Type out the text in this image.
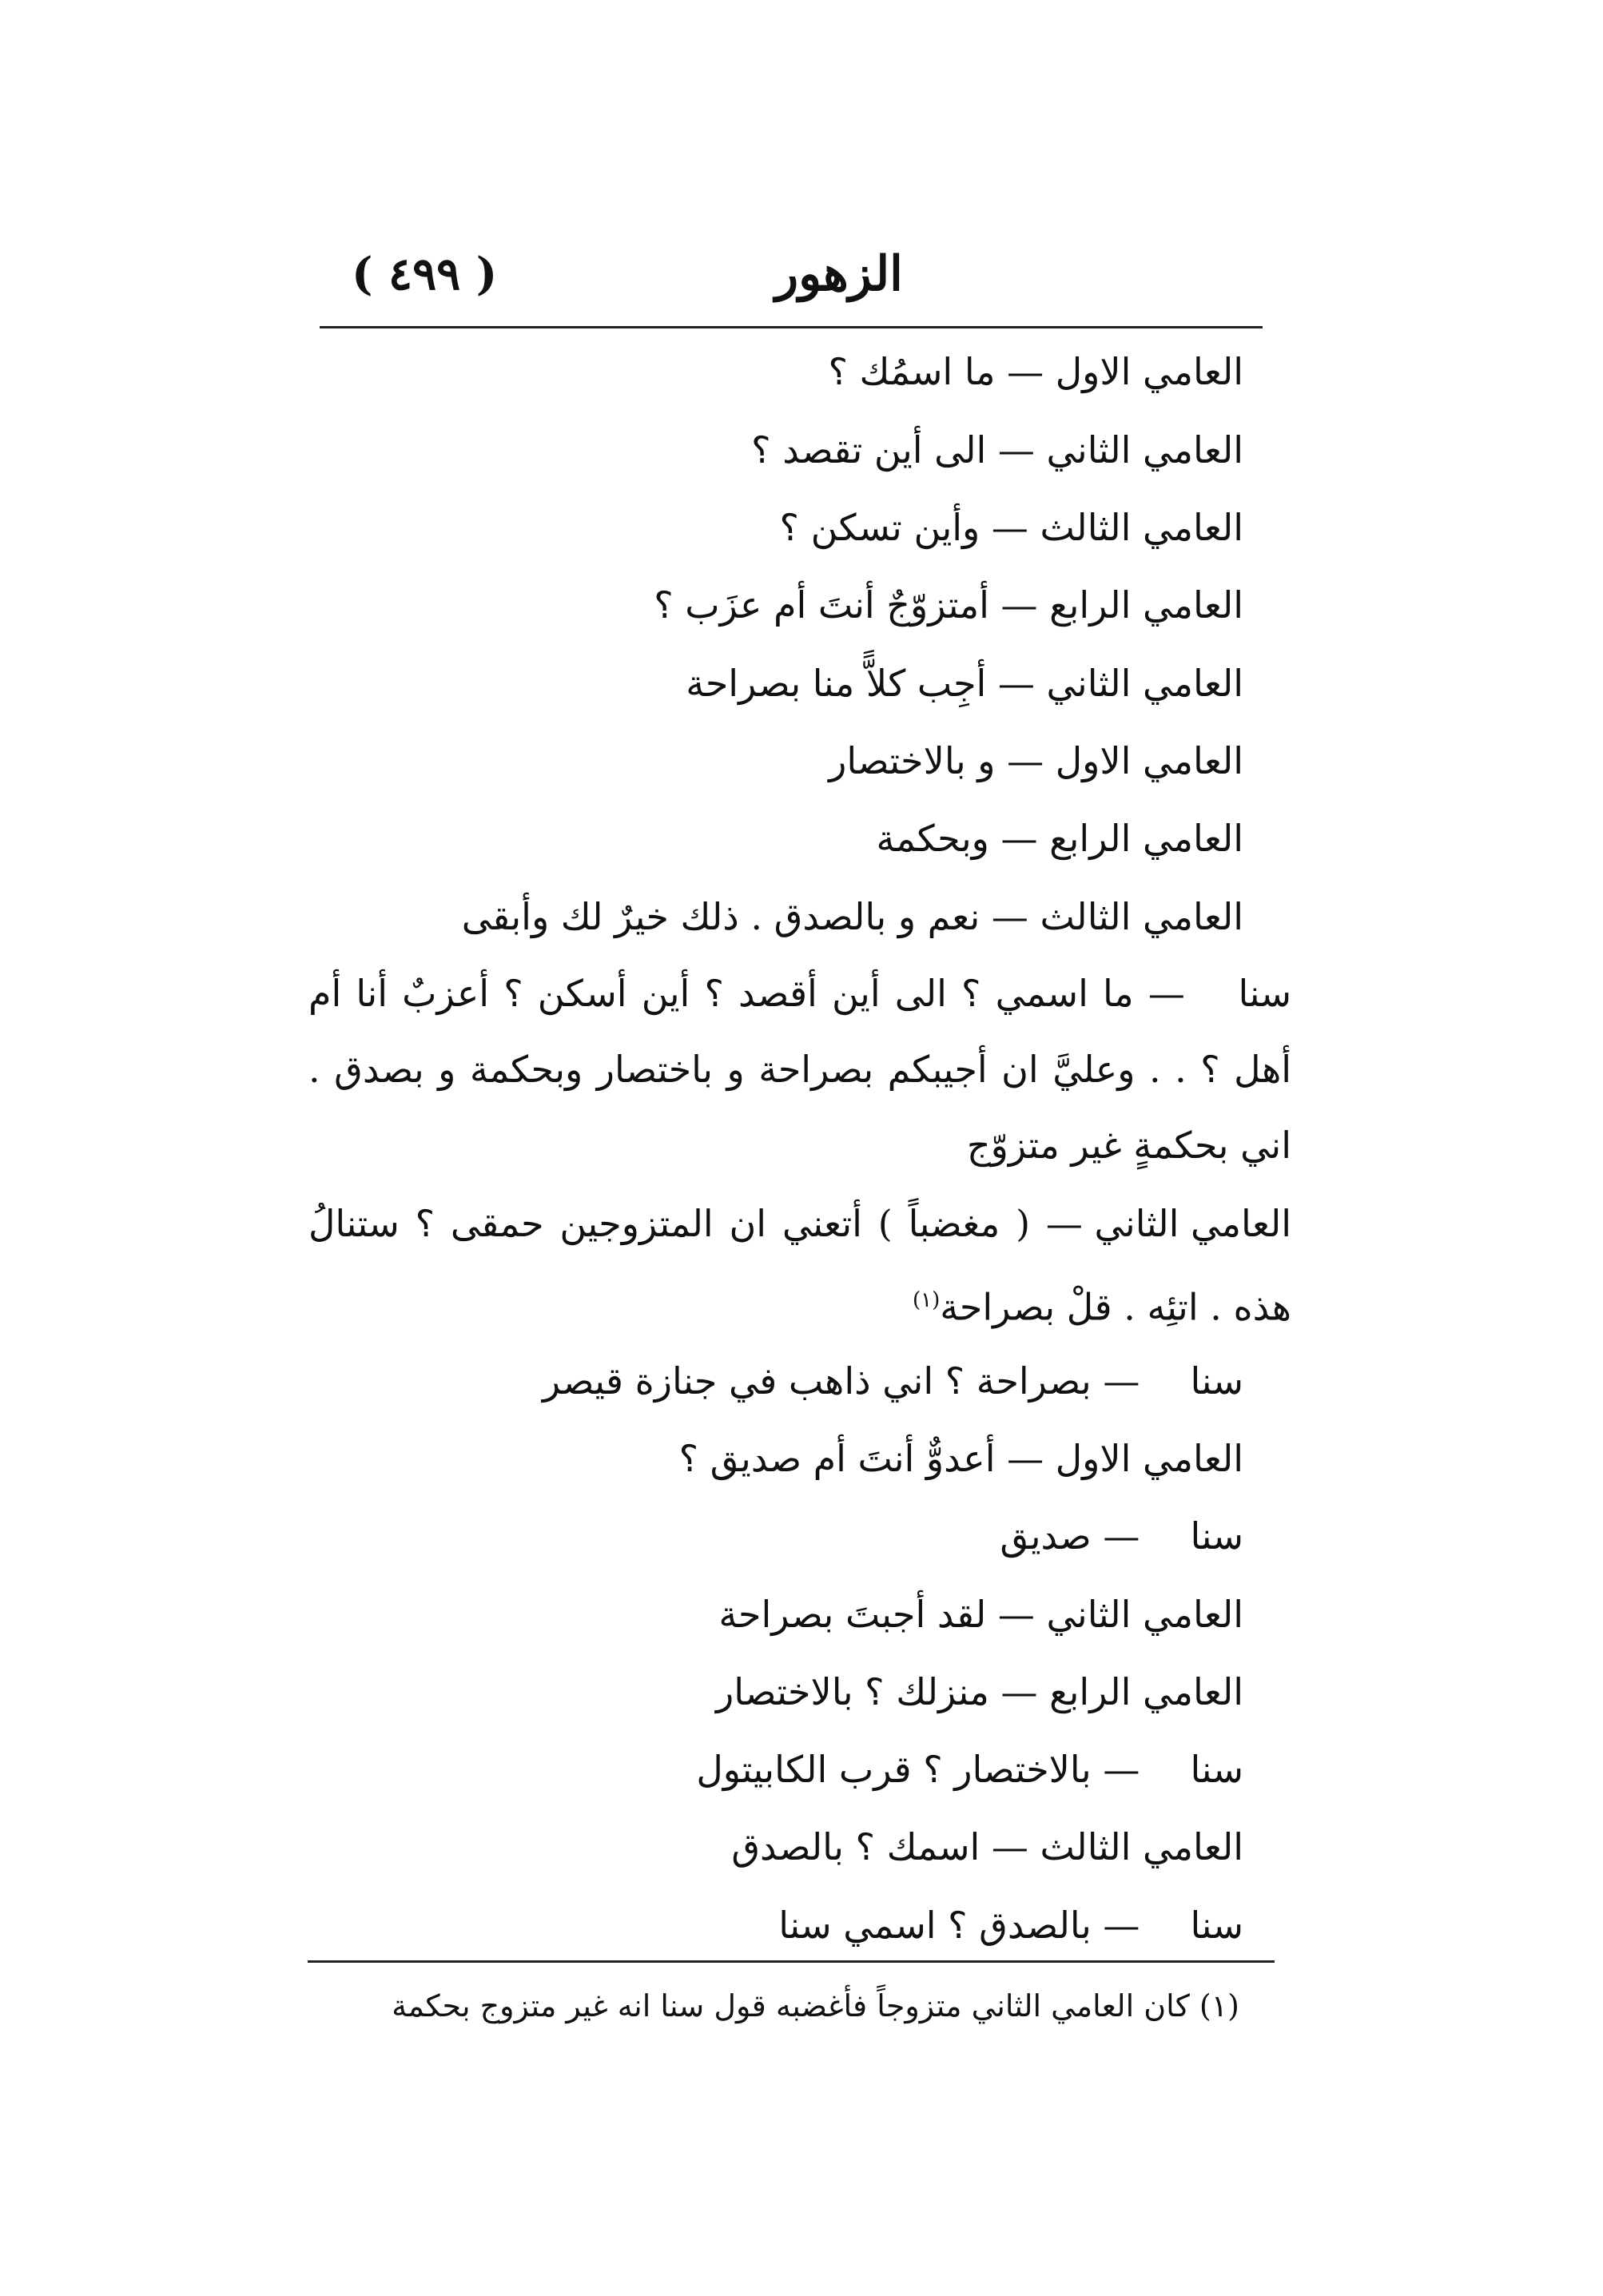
( ٤٩٩ )	الزهور
العامي الاول — ما اسمُك ؟
العامي الثاني — الى أين تقصد ؟
العامي الثالث — وأين تسكن ؟
العامي الرابع — أمتزوّجٌ أنتَ أم عزَب ؟
العامي الثاني — أجِب كلاًّ منا بصراحة
العامي الاول — و بالاختصار
العامي الرابع — وبحكمة
العامي الثالث — نعم و بالصدق . ذلك خيرٌ لك وأبقى
سنا — ما اسمي ؟ الى أين أقصد ؟ أين أسكن ؟ أعزبٌ أنا أم
أهل ؟ . . وعليَّ ان أجيبكم بصراحة و باختصار وبحكمة و بصدق .
اني بحكمةٍ غير متزوّج
العامي الثاني — ( مغضباً ) أتعني ان المتزوجين حمقى ؟ ستنالُ
هذه . اتئِه . قلْ بصراحة$^{(١)}$
سنا — بصراحة ؟ اني ذاهب في جنازة قيصر
العامي الاول — أعدوٌّ أنتَ أم صديق ؟
سنا — صديق
العامي الثاني — لقد أجبتَ بصراحة
العامي الرابع — منزلك ؟ بالاختصار
سنا — بالاختصار ؟ قرب الكابيتول
العامي الثالث — اسمك ؟ بالصدق
سنا — بالصدق ؟ اسمي سنا
(١) كان العامي الثاني متزوجاً فأغضبه قول سنا انه غير متزوج بحكمة
